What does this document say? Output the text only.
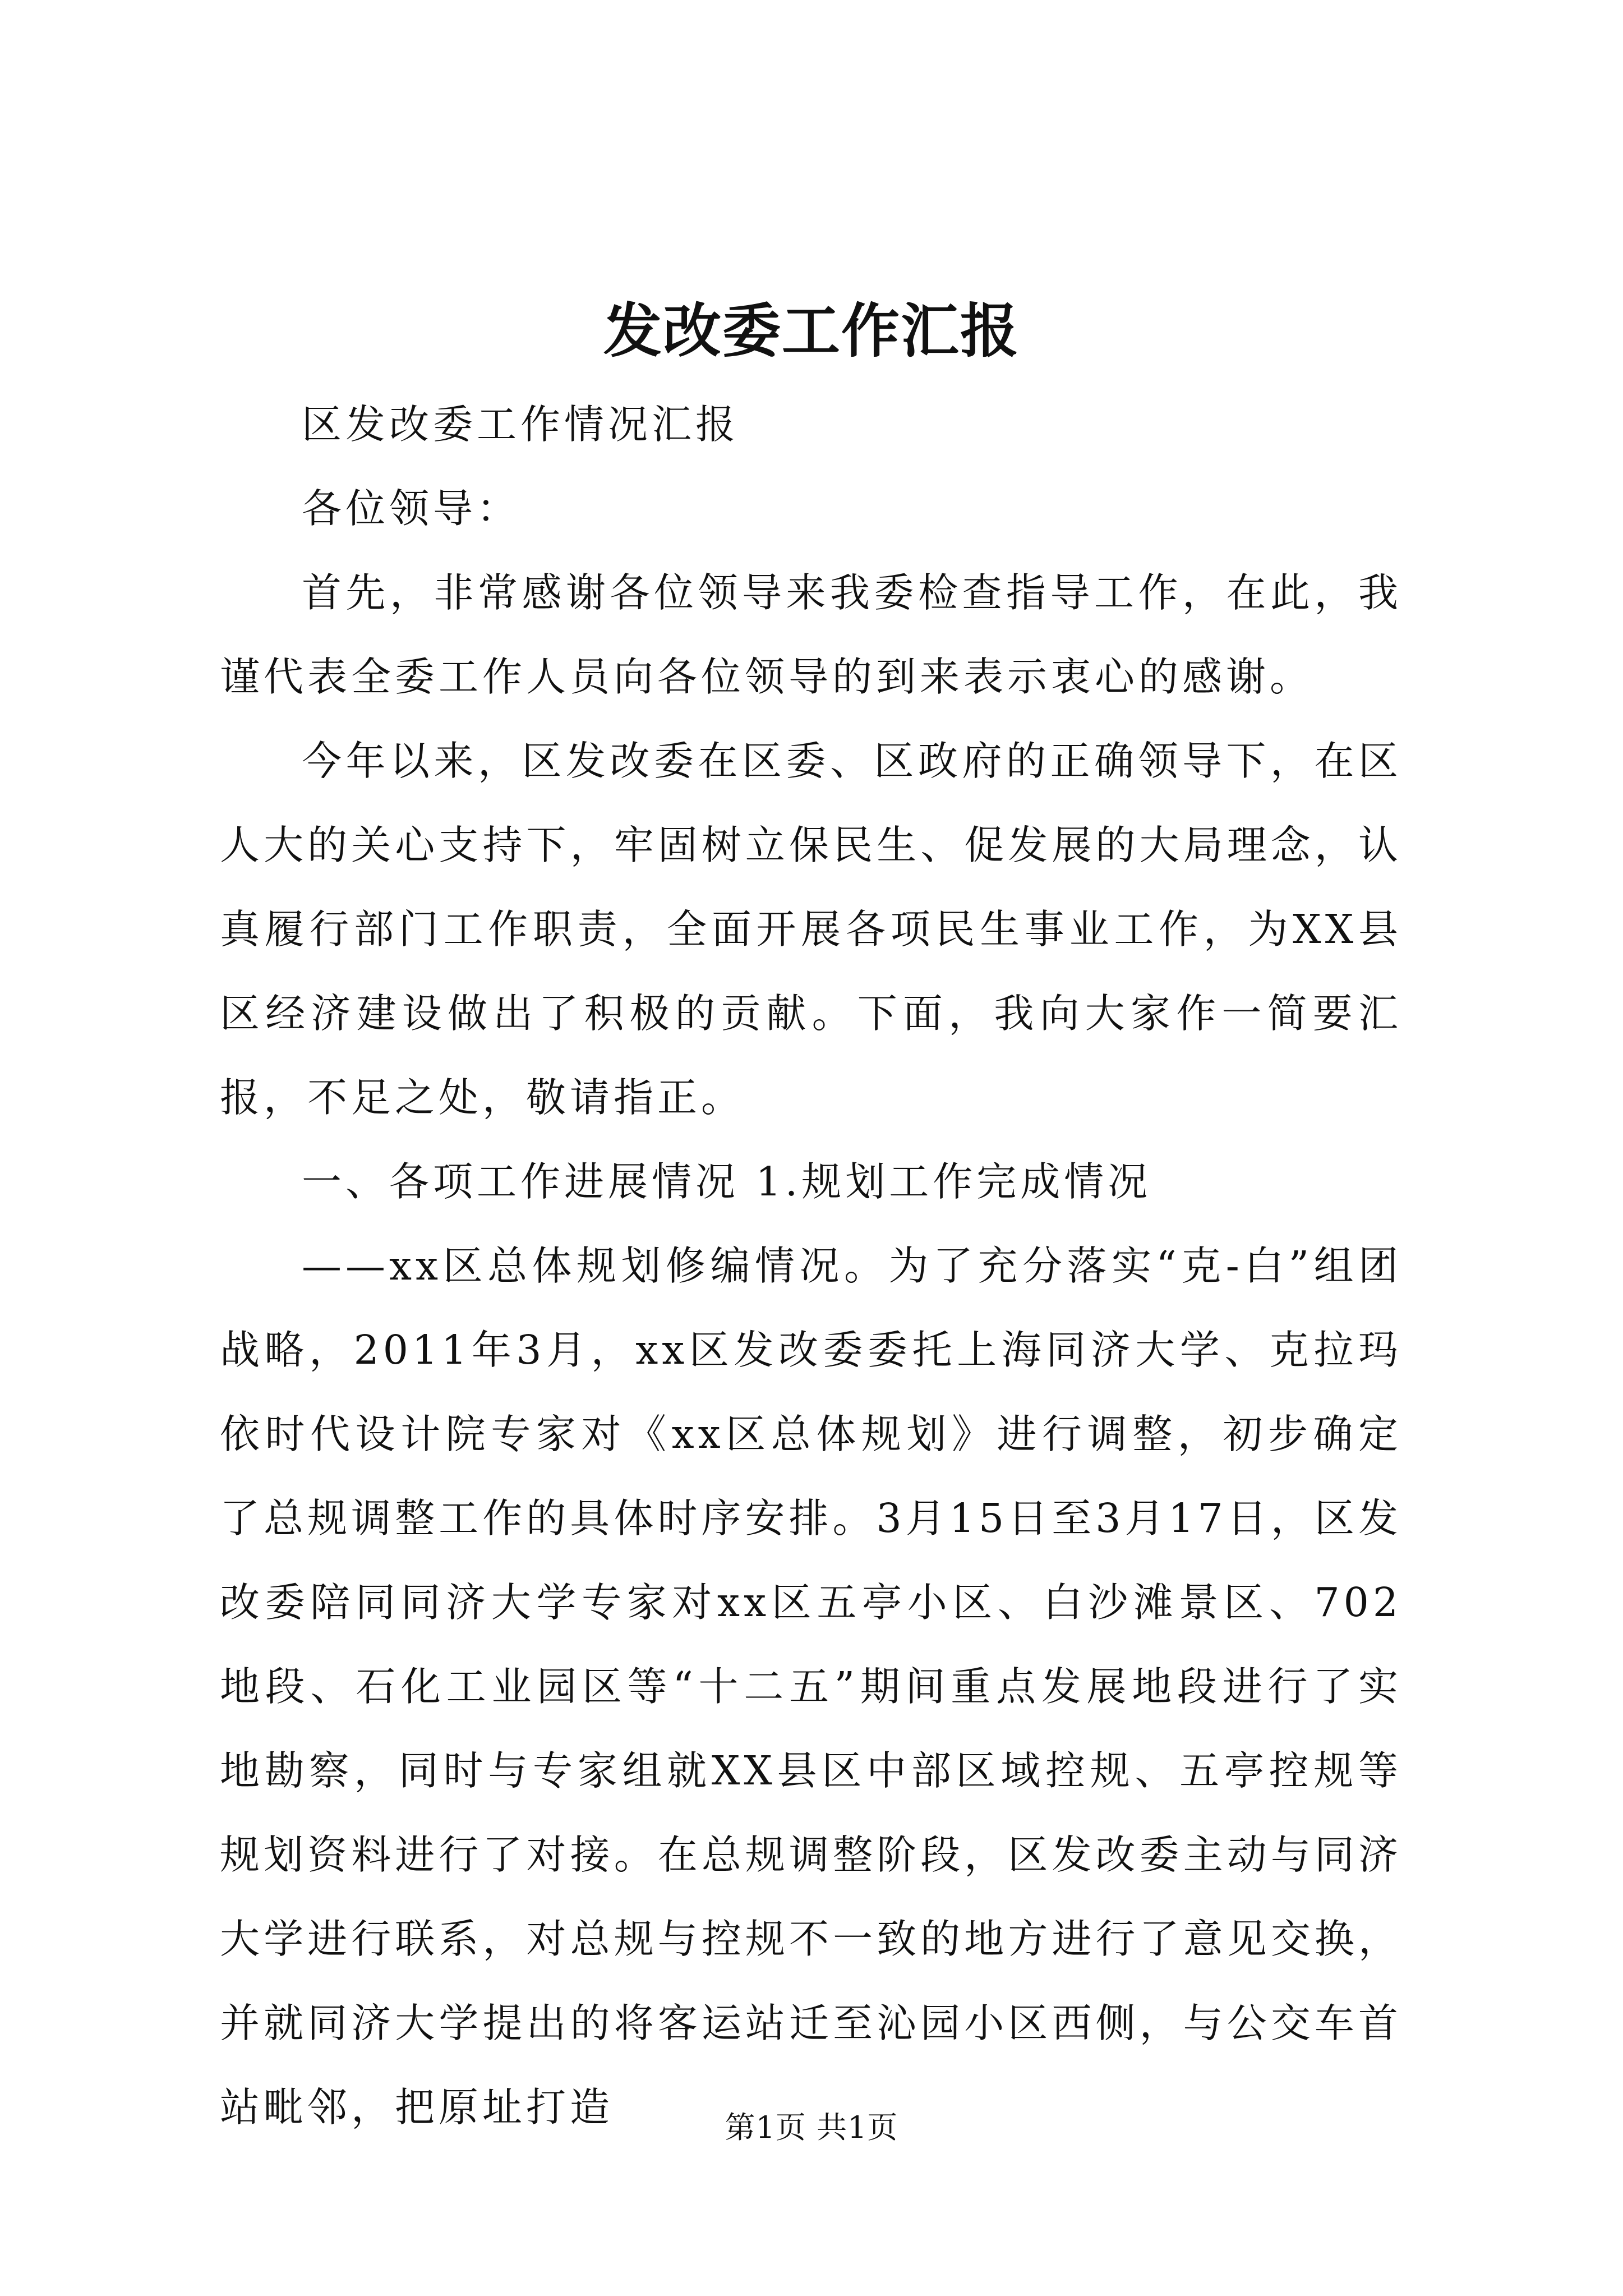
发改委工作汇报

区发改委工作情况汇报

各位领导：

首先，非常感谢各位领导来我委检查指导工作，在此，我谨代表全委工作人员向各位领导的到来表示衷心的感谢。

今年以来，区发改委在区委、区政府的正确领导下，在区人大的关心支持下，牢固树立保民生、促发展的大局理念，认真履行部门工作职责，全面开展各项民生事业工作，为XX县区经济建设做出了积极的贡献。下面，我向大家作一简要汇报，不足之处，敬请指正。

一、各项工作进展情况 1.规划工作完成情况

——xx区总体规划修编情况。为了充分落实“克-白”组团战略，2011年3月，xx区发改委委托上海同济大学、克拉玛依时代设计院专家对《xx区总体规划》进行调整，初步确定了总规调整工作的具体时序安排。3月15日至3月17日，区发改委陪同同济大学专家对xx区五亭小区、白沙滩景区、702地段、石化工业园区等“十二五”期间重点发展地段进行了实地勘察，同时与专家组就XX县区中部区域控规、五亭控规等规划资料进行了对接。在总规调整阶段，区发改委主动与同济大学进行联系，对总规与控规不一致的地方进行了意见交换，并就同济大学提出的将客运站迁至沁园小区西侧，与公交车首站毗邻，把原址打造	第1页 共1页
